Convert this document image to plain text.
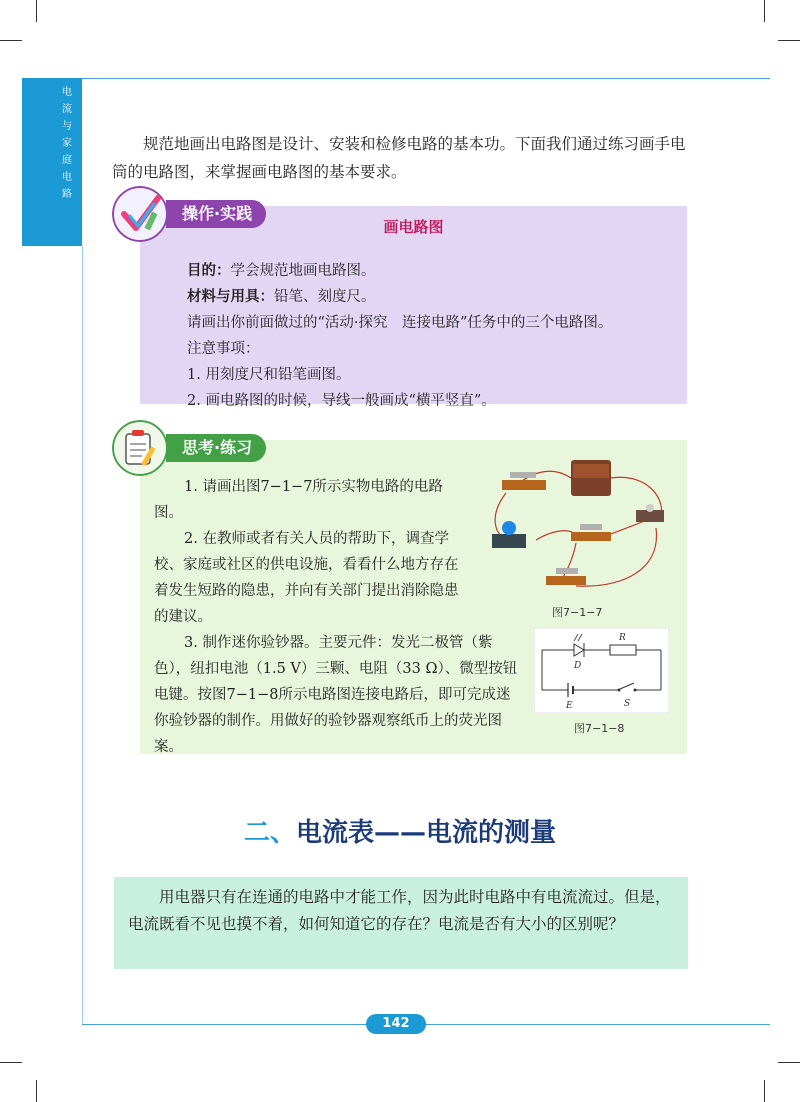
电
流
与
家
庭
电
路

规范地画出电路图是设计、安装和检修电路的基本功。下面我们通过练习画手电筒的电路图，来掌握画电路图的基本要求。

操作·实践
画电路图
目的：学会规范地画电路图。
材料与用具：铅笔、刻度尺。
请画出你前面做过的“活动·探究　连接电路”任务中的三个电路图。
注意事项：
1. 用刻度尺和铅笔画图。
2. 画电路图的时候，导线一般画成“横平竖直”。
思考·练习
1. 请画出图7−1−7所示实物电路的电路图。
2. 在教师或者有关人员的帮助下，调查学校、家庭或社区的供电设施，看看什么地方存在着发生短路的隐患，并向有关部门提出消除隐患的建议。
3. 制作迷你验钞器。主要元件：发光二极管（紫色），纽扣电池（1.5 V）三颗、电阻（33 Ω）、微型按钮电键。按图7−1−8所示电路图连接电路后，即可完成迷你验钞器的制作。用做好的验钞器观察纸币上的荧光图案。
图7−1−7
D
R
E	S
图7−1−8
二、电流表——电流的测量

用电器只有在连通的电路中才能工作，因为此时电路中有电流流过。但是，电流既看不见也摸不着，如何知道它的存在？电流是否有大小的区别呢？

142
